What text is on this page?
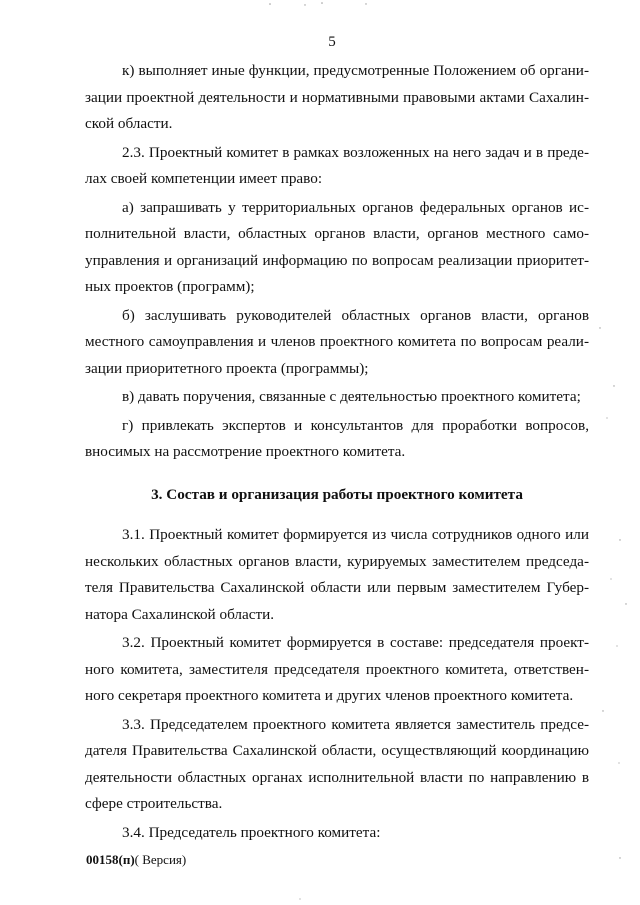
5

к) выполняет иные функции, предусмотренные Положением об организации проектной деятельности и нормативными правовыми актами Сахалинской области.

2.3. Проектный комитет в рамках возложенных на него задач и в пределах своей компетенции имеет право:

а) запрашивать у территориальных органов федеральных органов исполнительной власти, областных органов власти, органов местного самоуправления и организаций информацию по вопросам реализации приоритетных проектов (программ);

б) заслушивать руководителей областных органов власти, органов местного самоуправления и членов проектного комитета по вопросам реализации приоритетного проекта (программы);

в) давать поручения, связанные с деятельностью проектного комитета;

г) привлекать экспертов и консультантов для проработки вопросов, вносимых на рассмотрение проектного комитета.

3. Состав и организация работы проектного комитета

3.1. Проектный комитет формируется из числа сотрудников одного или нескольких областных органов власти, курируемых заместителем председателя Правительства Сахалинской области или первым заместителем Губернатора Сахалинской области.

3.2. Проектный комитет формируется в составе: председателя проектного комитета, заместителя председателя проектного комитета, ответственного секретаря проектного комитета и других членов проектного комитета.

3.3. Председателем проектного комитета является заместитель председателя Правительства Сахалинской области, осуществляющий координацию деятельности областных органах исполнительной власти по направлению в сфере строительства.

3.4. Председатель проектного комитета:

00158(п)( Версия)
